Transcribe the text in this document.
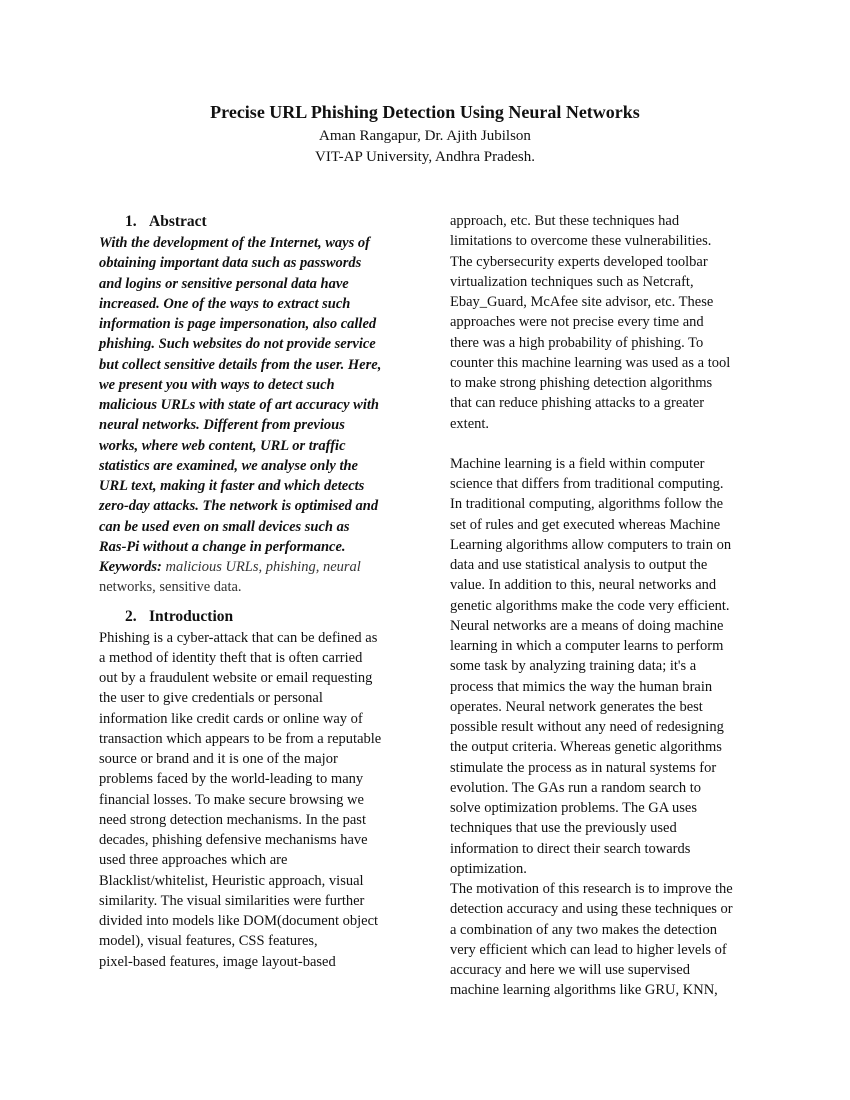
Precise URL Phishing Detection Using Neural Networks
Aman Rangapur, Dr. Ajith Jubilson
VIT-AP University, Andhra Pradesh.
1. Abstract
With the development of the Internet, ways of
obtaining important data such as passwords
and logins or sensitive personal data have
increased. One of the ways to extract such
information is page impersonation, also called
phishing. Such websites do not provide service
but collect sensitive details from the user. Here,
we present you with ways to detect such
malicious URLs with state of art accuracy with
neural networks. Different from previous
works, where web content, URL or traffic
statistics are examined, we analyse only the
URL text, making it faster and which detects
zero-day attacks. The network is optimised and
can be used even on small devices such as
Ras-Pi without a change in performance.
Keywords: malicious URLs, phishing, neural
networks, sensitive data.
2. Introduction
Phishing is a cyber-attack that can be defined as
a method of identity theft that is often carried
out by a fraudulent website or email requesting
the user to give credentials or personal
information like credit cards or online way of
transaction which appears to be from a reputable
source or brand and it is one of the major
problems faced by the world-leading to many
financial losses. To make secure browsing we
need strong detection mechanisms. In the past
decades, phishing defensive mechanisms have
used three approaches which are
Blacklist/whitelist, Heuristic approach, visual
similarity. The visual similarities were further
divided into models like DOM(document object
model), visual features, CSS features,
pixel-based features, image layout-based
approach, etc. But these techniques had
limitations to overcome these vulnerabilities.
The cybersecurity experts developed toolbar
virtualization techniques such as Netcraft,
Ebay_Guard, McAfee site advisor, etc. These
approaches were not precise every time and
there was a high probability of phishing. To
counter this machine learning was used as a tool
to make strong phishing detection algorithms
that can reduce phishing attacks to a greater
extent.
Machine learning is a field within computer
science that differs from traditional computing.
In traditional computing, algorithms follow the
set of rules and get executed whereas Machine
Learning algorithms allow computers to train on
data and use statistical analysis to output the
value. In addition to this, neural networks and
genetic algorithms make the code very efficient.
Neural networks are a means of doing machine
learning in which a computer learns to perform
some task by analyzing training data; it's a
process that mimics the way the human brain
operates. Neural network generates the best
possible result without any need of redesigning
the output criteria. Whereas genetic algorithms
stimulate the process as in natural systems for
evolution. The GAs run a random search to
solve optimization problems. The GA uses
techniques that use the previously used
information to direct their search towards
optimization.
The motivation of this research is to improve the
detection accuracy and using these techniques or
a combination of any two makes the detection
very efficient which can lead to higher levels of
accuracy and here we will use supervised
machine learning algorithms like GRU, KNN,
